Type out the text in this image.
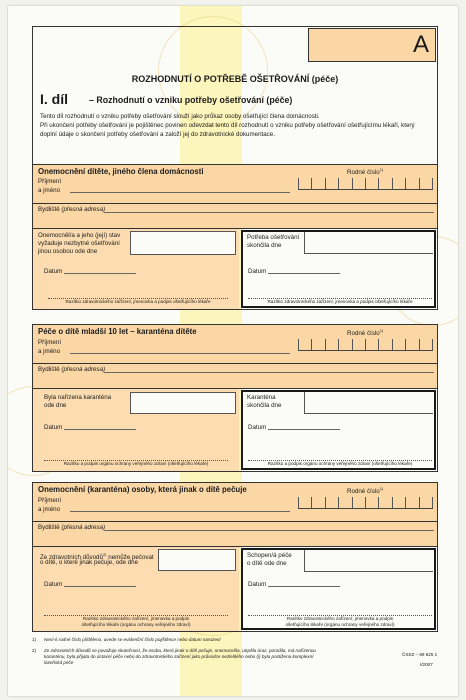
A
ROZHODNUTÍ O POTŘEBĚ OŠETŘOVÁNÍ (péče)
I. díl – Rozhodnutí o vzniku potřeby ošetřování (péče)
Tento díl rozhodnutí o vzniku potřeby ošetřování slouží jako průkaz osoby ošetřující člena domácnosti.
Při ukončení potřeby ošetřování je pojištěnec povinen odevzdat tento díl rozhodnutí o vzniku potřeby ošetřování ošetřujícímu lékaři, který
doplní údaje o skončení potřeby ošetřování a založí jej do zdravotnické dokumentace.
Onemocnění dítěte, jiného člena domácnosti	Rodné číslo$^{1)}$
Příjmení
a jméno
Bydliště (přesná adresa)
Onemocněl/a a jeho (její) stav
vyžaduje nezbytné ošetřování
jinou osobou ode dne
Datum
Razítko zdravotnického zařízení, jmenovka a podpis ošetřujícího lékaře
Potřeba ošetřování
skončila dne
Datum
Razítko zdravotnického zařízení, jmenovka a podpis ošetřujícího lékaře
Péče o dítě mladší 10 let – karanténa dítěte	Rodné číslo$^{1)}$
Příjmení
a jméno
Bydliště (přesná adresa)
Byla nařízena karanténa
ode dne
Datum
Razítko a podpis orgánu ochrany veřejného zdraví (ošetřujícího lékaře)
Karanténa
skončila dne
Datum
Razítko a podpis orgánu ochrany veřejného zdraví (ošetřujícího lékaře)
Onemocnění (karanténa) osoby, která jinak o dítě pečuje	Rodné číslo$^{1)}$
Příjmení
a jméno
Bydliště (přesná adresa)
Ze zdravotních důvodů$^{2)}$ nemůže pečovat
o dítě, o které jinak pečuje, ode dne
Datum
Razítko zdravotnického zařízení, jmenovka a podpis
ošetřujícího lékaře (orgánu ochrany veřejného zdraví)
Schopen/á péče
o dítě ode dne
Datum
Razítko zdravotnického zařízení, jmenovka a podpis
ošetřujícího lékaře (orgánu ochrany veřejného zdraví)
1) Není-li rodné číslo přiděleno, uvede se evidenční číslo pojištěnce nebo datum narození
2) Ze zdravotních důvodů se považuje skutečnost, že osoba, která jinak o dítě pečuje, onemocněla, utrpěla úraz, porodila, má nařízenou
karanténu, byla přijata do ústavní péče nebo do zdravotnického zařízení jako průvodce nezletilého nebo (i) byla postižena komplexní
lázeňská péče
ČSSZ – 89 625 1
I/2007
